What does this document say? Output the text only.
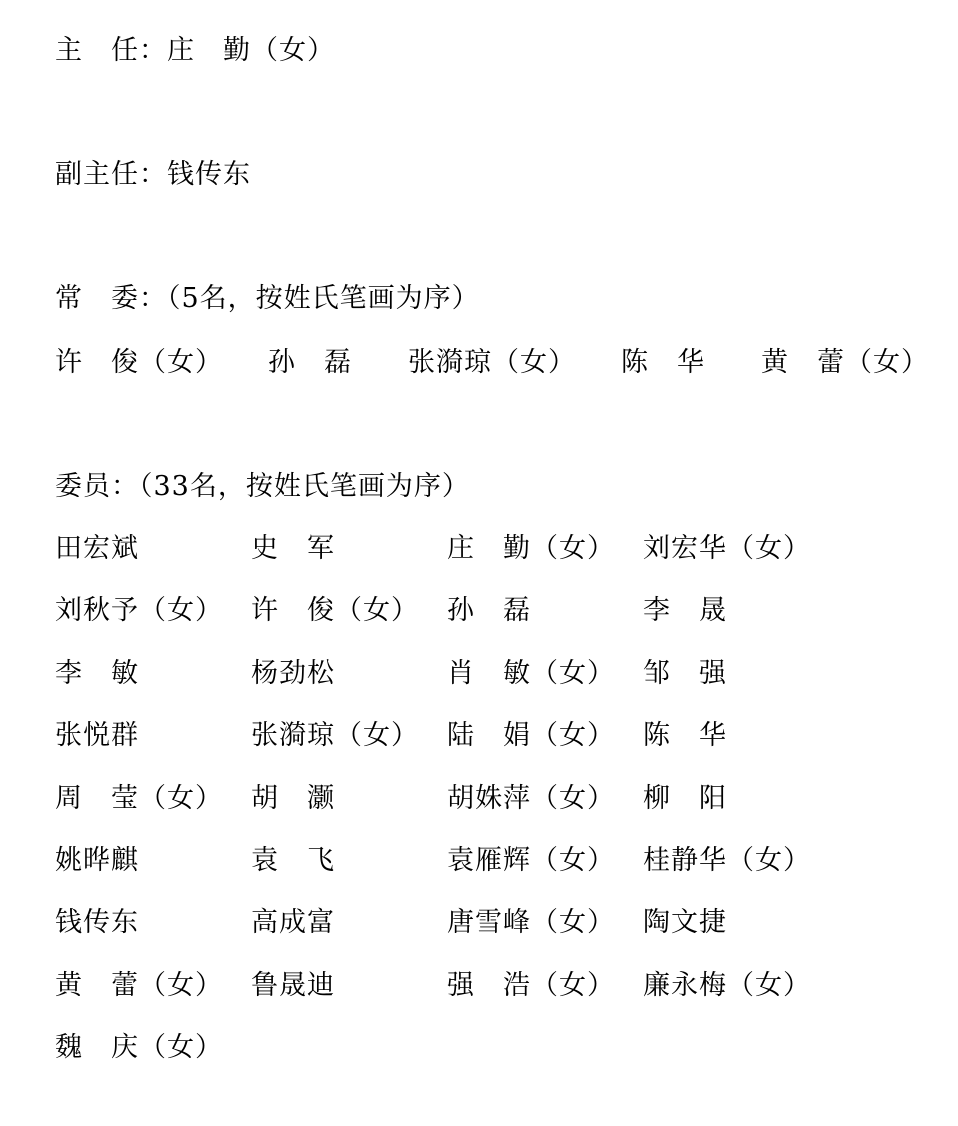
主　任：庄　勤（女）
副主任：钱传东
常　委：（5名，按姓氏笔画为序）

许　俊（女）

孙　磊

张漪琼（女）

陈　华

黄　蕾（女）

委员：（33名，按姓氏笔画为序）
田宏斌	史　军	庄　勤（女） 刘宏华（女）
刘秋予（女） 许　俊（女） 孙　磊	李　晟
李　敏	杨劲松	肖　敏（女） 邹　强
张悦群	张漪琼（女） 陆　娟（女） 陈　华
周　莹（女） 胡　灏	胡姝萍（女） 柳　阳
姚晔麒	袁　飞	袁雁辉（女） 桂静华（女）
钱传东	高成富	唐雪峰（女） 陶文捷
黄　蕾（女） 鲁晟迪	强　浩（女） 廉永梅（女）
魏　庆（女）
